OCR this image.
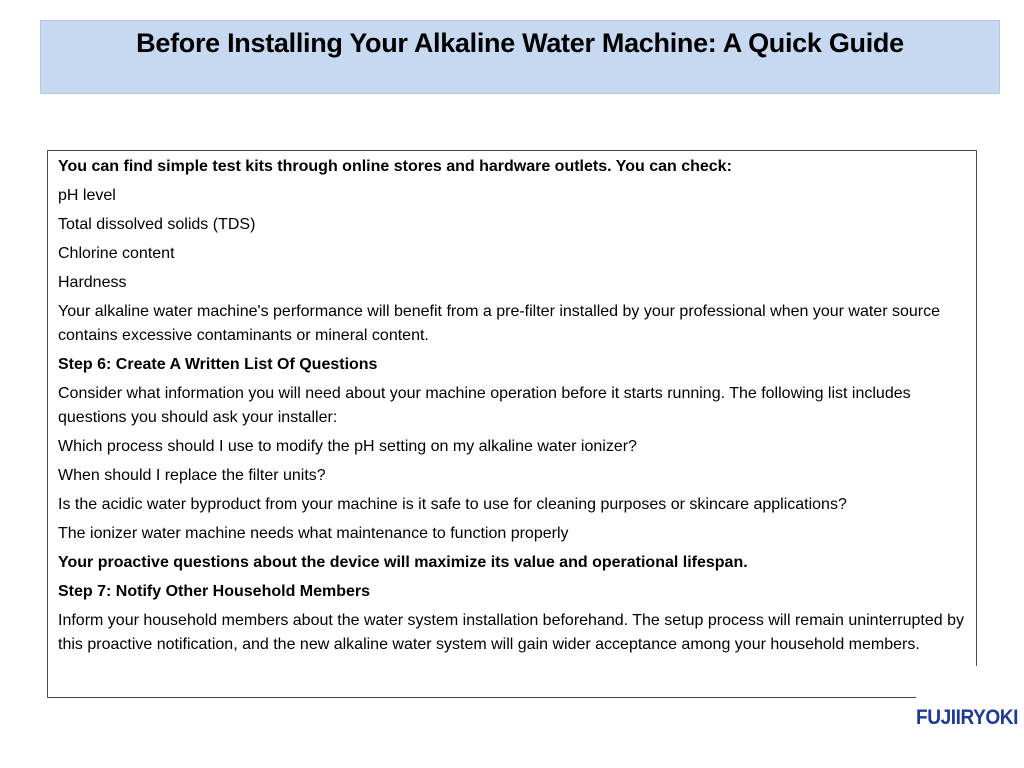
Before Installing Your Alkaline Water Machine: A Quick Guide

You can find simple test kits through online stores and hardware outlets. You can check:

pH level

Total dissolved solids (TDS)

Chlorine content

Hardness

Your alkaline water machine's performance will benefit from a pre-filter installed by your professional when your water source contains excessive contaminants or mineral content.

Step 6: Create A Written List Of Questions

Consider what information you will need about your machine operation before it starts running. The following list includes questions you should ask your installer:

Which process should I use to modify the pH setting on my alkaline water ionizer?

When should I replace the filter units?

Is the acidic water byproduct from your machine is it safe to use for cleaning purposes or skincare applications?

The ionizer water machine needs what maintenance to function properly

Your proactive questions about the device will maximize its value and operational lifespan.

Step 7: Notify Other Household Members

Inform your household members about the water system installation beforehand. The setup process will remain uninterrupted by this proactive notification, and the new alkaline water system will gain wider acceptance among your household members.

FUJIIRYOKI
